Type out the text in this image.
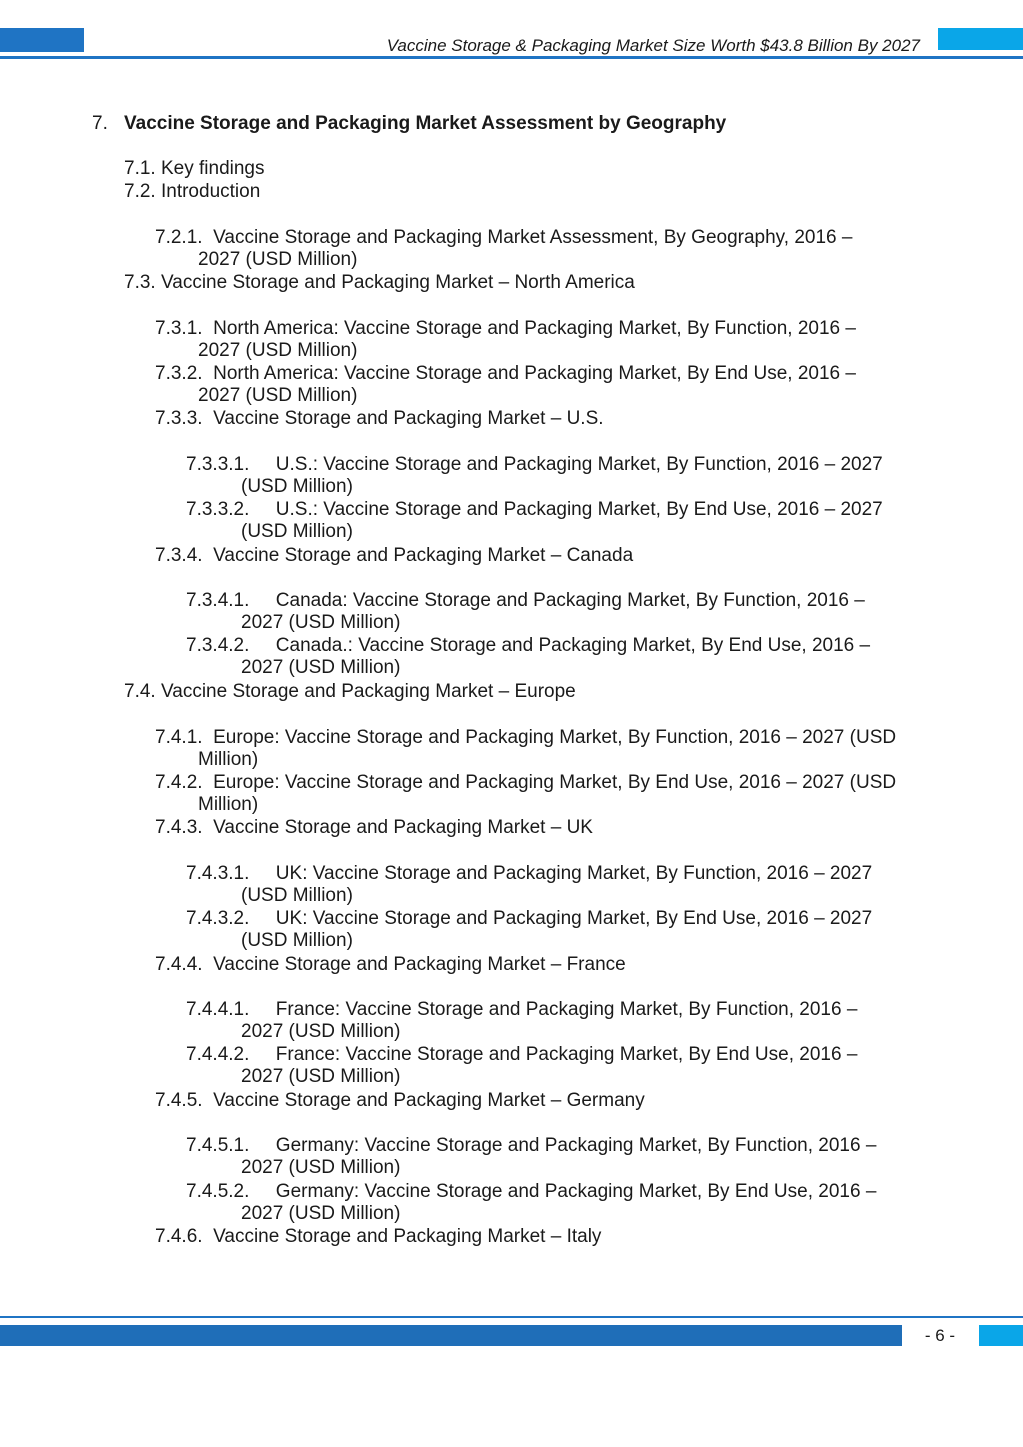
Vaccine Storage & Packaging Market Size Worth $43.8 Billion By 2027
7. Vaccine Storage and Packaging Market Assessment by Geography
7.1. Key findings
7.2. Introduction
7.2.1. Vaccine Storage and Packaging Market Assessment, By Geography, 2016 –
2027 (USD Million)
7.3. Vaccine Storage and Packaging Market – North America
7.3.1. North America: Vaccine Storage and Packaging Market, By Function, 2016 –
2027 (USD Million)
7.3.2. North America: Vaccine Storage and Packaging Market, By End Use, 2016 –
2027 (USD Million)
7.3.3. Vaccine Storage and Packaging Market – U.S.
7.3.3.1. U.S.: Vaccine Storage and Packaging Market, By Function, 2016 – 2027
(USD Million)
7.3.3.2. U.S.: Vaccine Storage and Packaging Market, By End Use, 2016 – 2027
(USD Million)
7.3.4. Vaccine Storage and Packaging Market – Canada
7.3.4.1. Canada: Vaccine Storage and Packaging Market, By Function, 2016 –
2027 (USD Million)
7.3.4.2. Canada.: Vaccine Storage and Packaging Market, By End Use, 2016 –
2027 (USD Million)
7.4. Vaccine Storage and Packaging Market – Europe
7.4.1. Europe: Vaccine Storage and Packaging Market, By Function, 2016 – 2027 (USD
Million)
7.4.2. Europe: Vaccine Storage and Packaging Market, By End Use, 2016 – 2027 (USD
Million)
7.4.3. Vaccine Storage and Packaging Market – UK
7.4.3.1. UK: Vaccine Storage and Packaging Market, By Function, 2016 – 2027
(USD Million)
7.4.3.2. UK: Vaccine Storage and Packaging Market, By End Use, 2016 – 2027
(USD Million)
7.4.4. Vaccine Storage and Packaging Market – France
7.4.4.1. France: Vaccine Storage and Packaging Market, By Function, 2016 –
2027 (USD Million)
7.4.4.2. France: Vaccine Storage and Packaging Market, By End Use, 2016 –
2027 (USD Million)
7.4.5. Vaccine Storage and Packaging Market – Germany
7.4.5.1. Germany: Vaccine Storage and Packaging Market, By Function, 2016 –
2027 (USD Million)
7.4.5.2. Germany: Vaccine Storage and Packaging Market, By End Use, 2016 –
2027 (USD Million)
7.4.6. Vaccine Storage and Packaging Market – Italy
- 6 -
